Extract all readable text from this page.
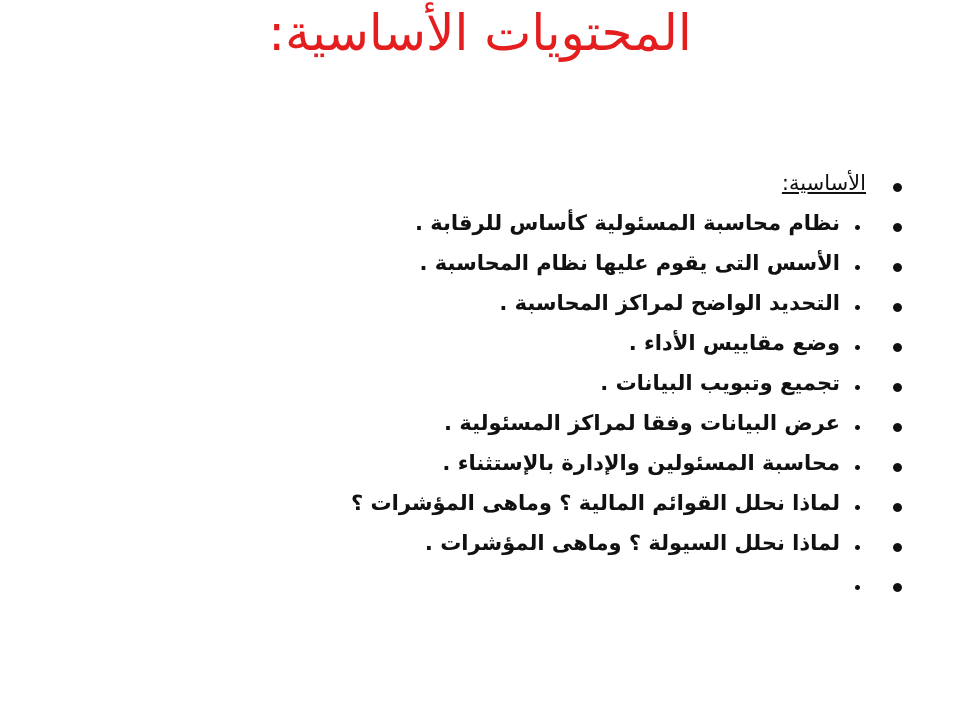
المحتويات الأساسية:
الأساسية:
نظام محاسبة المسئولية كأساس للرقابة .
الأسس التى يقوم عليها نظام المحاسبة .
التحديد الواضح لمراكز المحاسبة .
وضع مقاييس الأداء .
تجميع وتبويب البيانات .
عرض البيانات وفقا لمراكز المسئولية .
محاسبة المسئولين والإدارة بالإستثناء .
لماذا نحلل القوائم المالية ؟ وماهى المؤشرات ؟
لماذا نحلل السيولة ؟ وماهى المؤشرات .
